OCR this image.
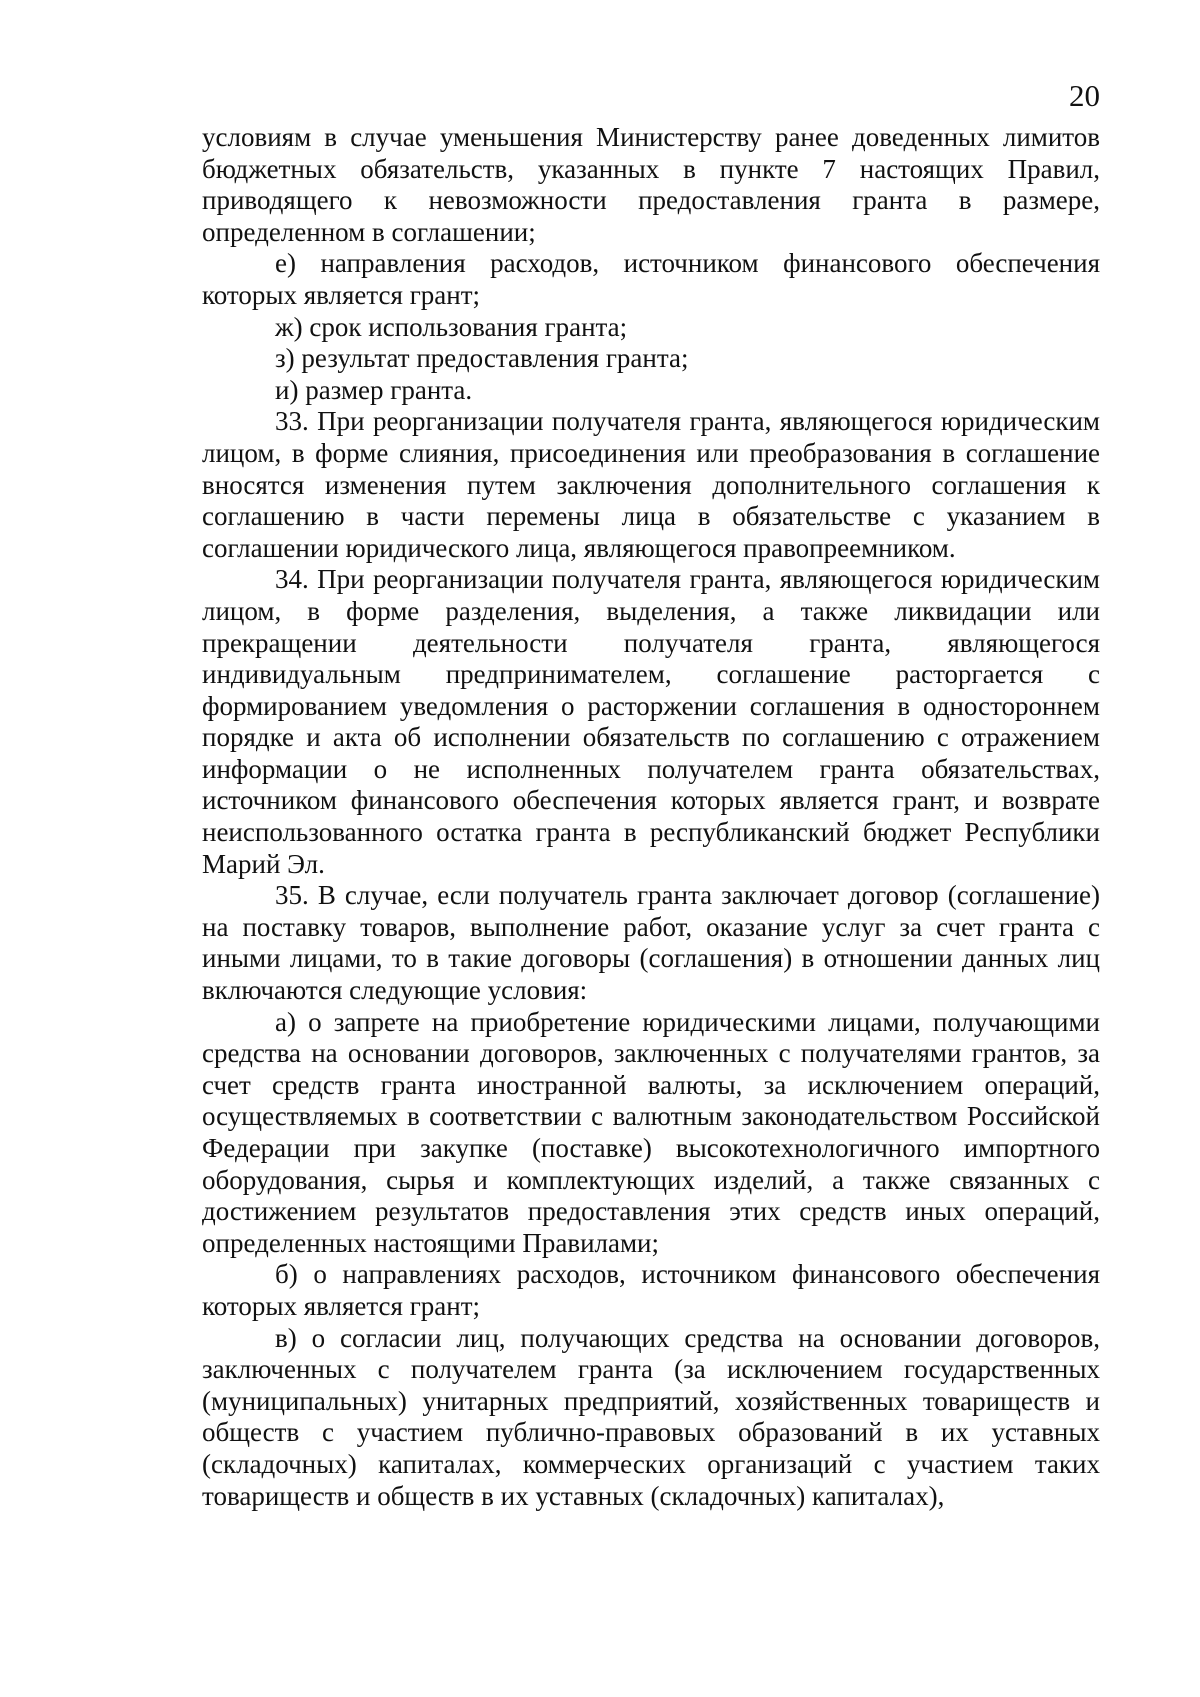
20

условиям в случае уменьшения Министерству ранее доведенных лимитов бюджетных обязательств, указанных в пункте 7 настоящих Правил, приводящего к невозможности предоставления гранта в размере, определенном в соглашении;

е) направления расходов, источником финансового обеспечения которых является грант;

ж) срок использования гранта;

з) результат предоставления гранта;

и) размер гранта.

33. При реорганизации получателя гранта, являющегося юридическим лицом, в форме слияния, присоединения или преобразования в соглашение вносятся изменения путем заключения дополнительного соглашения к соглашению в части перемены лица в обязательстве с указанием в соглашении юридического лица, являющегося правопреемником.

34. При реорганизации получателя гранта, являющегося юридическим лицом, в форме разделения, выделения, а также ликвидации или прекращении деятельности получателя гранта, являющегося индивидуальным предпринимателем, соглашение расторгается с формированием уведомления о расторжении соглашения в одностороннем порядке и акта об исполнении обязательств по соглашению с отражением информации о не исполненных получателем гранта обязательствах, источником финансового обеспечения которых является грант, и возврате неиспользованного остатка гранта в республиканский бюджет Республики Марий Эл.

35. В случае, если получатель гранта заключает договор (соглашение) на поставку товаров, выполнение работ, оказание услуг за счет гранта с иными лицами, то в такие договоры (соглашения) в отношении данных лиц включаются следующие условия:

а) о запрете на приобретение юридическими лицами, получающими средства на основании договоров, заключенных с получателями грантов, за счет средств гранта иностранной валюты, за исключением операций, осуществляемых в соответствии с валютным законодательством Российской Федерации при закупке (поставке) высокотехнологичного импортного оборудования, сырья и комплектующих изделий, а также связанных с достижением результатов предоставления этих средств иных операций, определенных настоящими Правилами;

б) о направлениях расходов, источником финансового обеспечения которых является грант;

в) о согласии лиц, получающих средства на основании договоров, заключенных с получателем гранта (за исключением государственных (муниципальных) унитарных предприятий, хозяйственных товариществ и обществ с участием публично-правовых образований в их уставных (складочных) капиталах, коммерческих организаций с участием таких товариществ и обществ в их уставных (складочных) капиталах),
